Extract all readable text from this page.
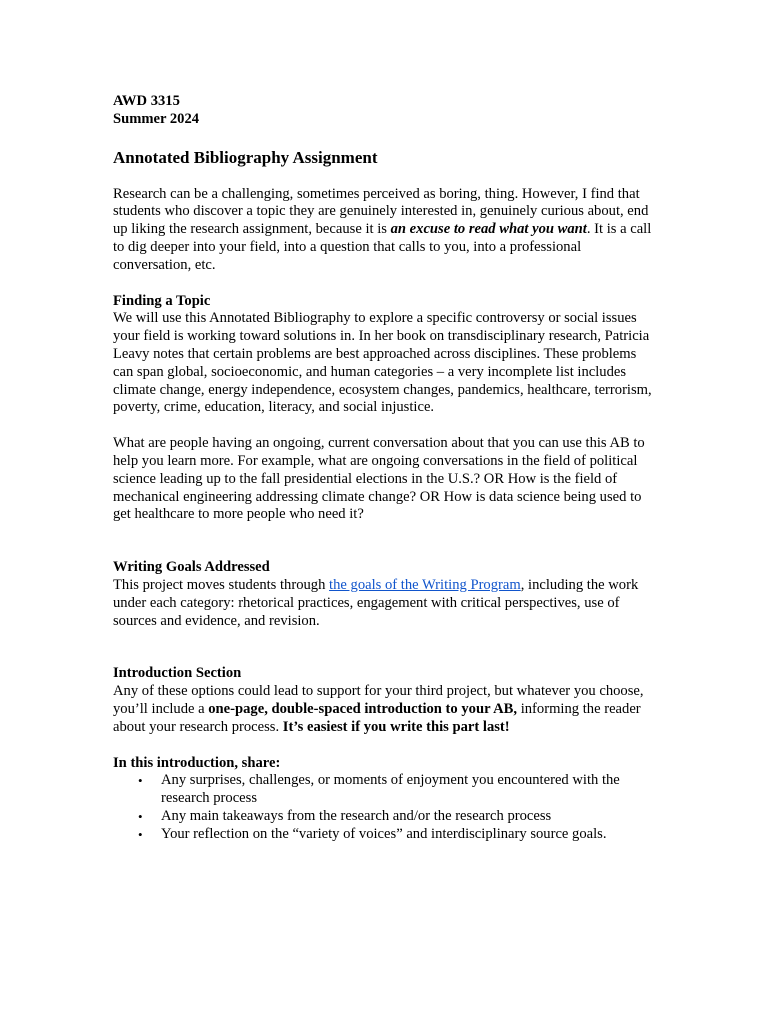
AWD 3315

Summer 2024

Annotated Bibliography Assignment

Research can be a challenging, sometimes perceived as boring, thing. However, I find that students who discover a topic they are genuinely interested in, genuinely curious about, end up liking the research assignment, because it is an excuse to read what you want. It is a call to dig deeper into your field, into a question that calls to you, into a professional conversation, etc.

Finding a Topic

We will use this Annotated Bibliography to explore a specific controversy or social issues your field is working toward solutions in. In her book on transdisciplinary research, Patricia Leavy notes that certain problems are best approached across disciplines. These problems can span global, socioeconomic, and human categories – a very incomplete list includes climate change, energy independence, ecosystem changes, pandemics, healthcare, terrorism, poverty, crime, education, literacy, and social injustice.

What are people having an ongoing, current conversation about that you can use this AB to help you learn more. For example, what are ongoing conversations in the field of political science leading up to the fall presidential elections in the U.S.? OR How is the field of mechanical engineering addressing climate change? OR How is data science being used to get healthcare to more people who need it?

Writing Goals Addressed

This project moves students through the goals of the Writing Program, including the work under each category: rhetorical practices, engagement with critical perspectives, use of sources and evidence, and revision.

Introduction Section

Any of these options could lead to support for your third project, but whatever you choose, you’ll include a one-page, double-spaced introduction to your AB, informing the reader about your research process. It’s easiest if you write this part last!

In this introduction, share:

• Any surprises, challenges, or moments of enjoyment you encountered with the research process
• Any main takeaways from the research and/or the research process
• Your reflection on the “variety of voices” and interdisciplinary source goals.
